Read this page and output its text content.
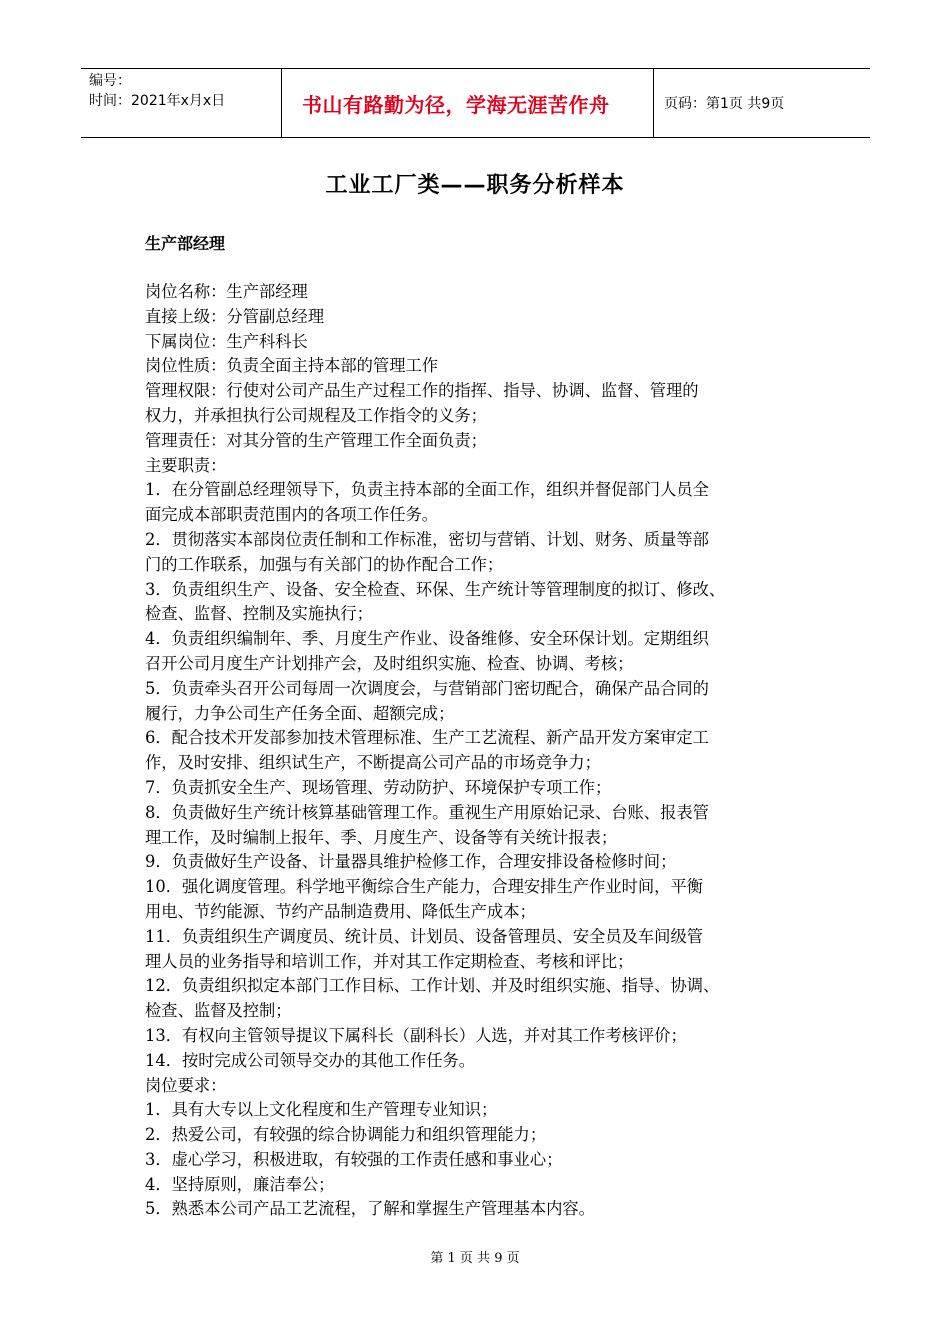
编号：
时间：2021年x月x日	书山有路勤为径，学海无涯苦作舟	页码：第1页 共9页
工业工厂类——职务分析样本
生产部经理
岗位名称：生产部经理
直接上级：分管副总经理
下属岗位：生产科科长
岗位性质：负责全面主持本部的管理工作
管理权限：行使对公司产品生产过程工作的指挥、指导、协调、监督、管理的
权力，并承担执行公司规程及工作指令的义务；
管理责任：对其分管的生产管理工作全面负责；
主要职责：
1．在分管副总经理领导下，负责主持本部的全面工作，组织并督促部门人员全
面完成本部职责范围内的各项工作任务。
2．贯彻落实本部岗位责任制和工作标准，密切与营销、计划、财务、质量等部
门的工作联系，加强与有关部门的协作配合工作；
3．负责组织生产、设备、安全检查、环保、生产统计等管理制度的拟订、修改、
检查、监督、控制及实施执行；
4．负责组织编制年、季、月度生产作业、设备维修、安全环保计划。定期组织
召开公司月度生产计划排产会，及时组织实施、检查、协调、考核；
5．负责牵头召开公司每周一次调度会，与营销部门密切配合，确保产品合同的
履行，力争公司生产任务全面、超额完成；
6．配合技术开发部参加技术管理标准、生产工艺流程、新产品开发方案审定工
作，及时安排、组织试生产，不断提高公司产品的市场竞争力；
7．负责抓安全生产、现场管理、劳动防护、环境保护专项工作；
8．负责做好生产统计核算基础管理工作。重视生产用原始记录、台账、报表管
理工作，及时编制上报年、季、月度生产、设备等有关统计报表；
9．负责做好生产设备、计量器具维护检修工作，合理安排设备检修时间；
10．强化调度管理。科学地平衡综合生产能力，合理安排生产作业时间，平衡
用电、节约能源、节约产品制造费用、降低生产成本；
11．负责组织生产调度员、统计员、计划员、设备管理员、安全员及车间级管
理人员的业务指导和培训工作，并对其工作定期检查、考核和评比；
12．负责组织拟定本部门工作目标、工作计划、并及时组织实施、指导、协调、
检查、监督及控制；
13．有权向主管领导提议下属科长（副科长）人选，并对其工作考核评价；
14．按时完成公司领导交办的其他工作任务。
岗位要求：
1．具有大专以上文化程度和生产管理专业知识；
2．热爱公司，有较强的综合协调能力和组织管理能力；
3．虚心学习，积极进取，有较强的工作责任感和事业心；
4．坚持原则，廉洁奉公；
5．熟悉本公司产品工艺流程，了解和掌握生产管理基本内容。
第 1 页 共 9 页
